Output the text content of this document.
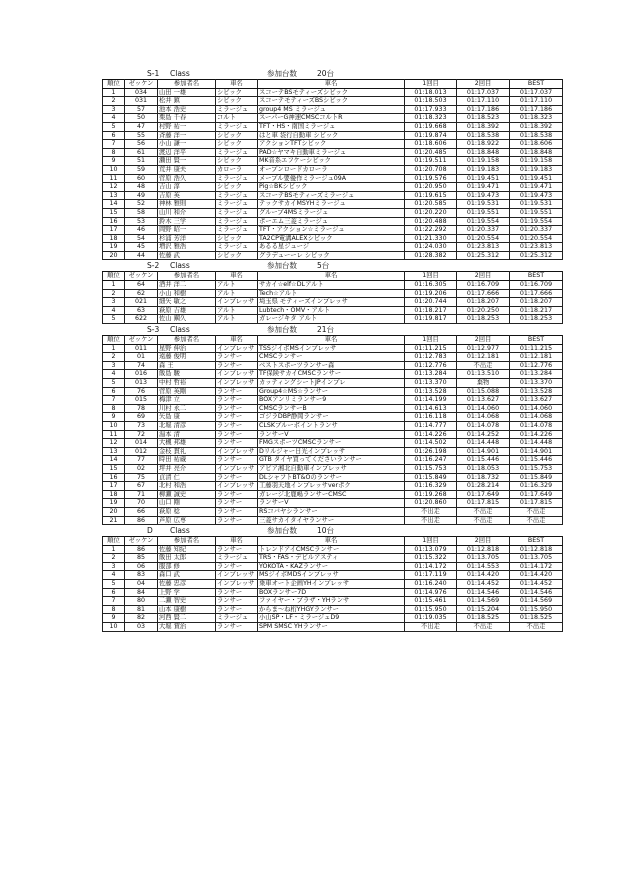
S-1 Class	参加台数	20台
順位	ゼッケン	参加者名	車名	車名	1回目	2回目	BEST
1	034	山田 一雄	シビック	スコーテBSモティーズシビック	01:18.013	01:17.037	01:17.037
2	031	松井 鎮	シビック	スコーテモティーズBSシビック	01:18.503	01:17.110	01:17.110
3	57	池本 浩史	ミラージュ	group4 MS ミラージュ	01:17.933	01:17.186	01:17.186
4	50	栗島 千春	コルト	スーパーG神速CMSCコルトR	01:18.323	01:18.523	01:18.323
5	47	村野 祐一	ミラージュ	TFT・HS・南国ミラージュ	01:19.668	01:18.392	01:18.392
6	55	斉藤 洋一	シビック	はと車 袋行自動車 シビック	01:19.874	01:18.538	01:18.538
7	56	小山 謙一	シビック	アクションTFTシビック	01:18.606	01:18.922	01:18.606
8	61	渡辺 洋平	ミラージュ	PAD☆ヤマキ自動車ミラージュ	01:20.485	01:18.848	01:18.848
9	51	瀬田 賢一	シビック	MK音系エフケーシビック	01:19.511	01:19.158	01:19.158
10	59	荒井 康夫	カローラ	オープンロードカローラ	01:20.708	01:19.183	01:19.183
11	60	菅原 浩久	ミラージュ	メープル要優作ミラージュ09A	01:19.576	01:19.451	01:19.451
12	48	吉山 淳	シビック	Pig☆BKシビック	01:20.950	01:19.471	01:19.471
13	49	吉原 英	ミラージュ	スコーテBSモティーズミラージュ	01:19.615	01:19.473	01:19.473
14	52	神林 雅則	ミラージュ	テックサカイMSYHミラージュ	01:20.585	01:19.531	01:19.531
15	58	山川 和介	ミラージュ	グループ4MSミラージュ	01:20.220	01:19.551	01:19.551
16	53	鈴木 三学	ミラージュ	ポーエム三菱ミラージュ	01:20.488	01:19.554	01:19.554
17	46	岡野 昭一	ミラージュ	TFT・アクション☆ミラージュ	01:22.292	01:20.337	01:20.337
18	54	杉浦 芳洋	シビック	TA2CP電溝ALEXシビック	01:21.330	01:20.554	01:20.554
19	45	増沢 雅浩	ミラージュ	あるる星ジュージ	01:24.030	01:23.813	01:23.813
20	44	佐藤 武	シビック	グラデューーレ シビック	01:28.382	01:25.312	01:25.312
S-2 Class	参加台数	5台
順位	ゼッケン	参加者名	車名	車名	1回目	2回目	BEST
1	64	酒井 洋二	アルト	サカイ☆elf☆DLアルト	01:16.305	01:16.709	01:16.709
2	62	小山 和樹	アルト	Tech☆アルト	01:19.206	01:17.666	01:17.666
3	021	細矢 敏之	インプレッサ	埼玉県 モティーズインプレッサ	01:20.744	01:18.207	01:18.207
4	63	萩原 吉雄	アルト	Lubtech・OMV・アルト	01:18.217	01:20.250	01:18.217
5	622	佐山 鋼久	アルト	ガレージキタ アルト	01:19.817	01:18.253	01:18.253
S-3 Class	参加台数	21台
順位	ゼッケン	参加者名	車名	車名	1回目	2回目	BEST
1	011	星野 伸治	インプレッサ	TSSジイボMSインプレッサ	01:11.215	01:12.977	01:11.215
2	01	遠藤 俊明	ランサー	CMSCランサー	01:12.783	01:12.181	01:12.181
3	74	森 王	ランサー	ベストスポーツランサー森	01:12.776	不出走	01:12.776
4	016	飯島 駿	インプレッサ	TF保険サカイCMSCランサー	01:13.284	01:13.510	01:13.284
5	013	中村 哲裕	インプレッサ	カッティングシートJPインプレ	01:13.370	棄物	01:13.370
6	76	菅原 英剛	ランサー	Group4☆MS☆ランサー	01:13.528	01:15.088	01:13.528
7	015	梅津 立	ランサー	BOXアンリミランサー9	01:14.199	01:13.627	01:13.627
8	78	川村 永二	ランサー	CMSCランサーB	01:14.613	01:14.060	01:14.060
9	69	矢島 康	ランサー	ゴジラDBP静岡ランサー	01:16.118	01:14.068	01:14.068
10	73	北堀 清彦	ランサー	CLSKブルーポイントランサ	01:14.777	01:14.078	01:14.078
11	72	湯本 清	ランサー	ランサーV	01:14.226	01:14.252	01:14.226
12	014	大槻 邦雄	ランサー	FMGスポーツCMSCランサー	01:14.502	01:14.448	01:14.448
13	012	金枝 貫礼	インプレッサ	Dリルジャー日光インプレッサ	01:26.198	01:14.901	01:14.901
14	77	時田 祐蔵	ランサー	GTB タイヤ買ってくださいランサー	01:16.247	01:15.446	01:15.446
15	02	坪井 亮介	インプレッサ	アピア湘北自動車インプレッサ	01:15.753	01:18.053	01:15.753
16	75	貞清 仁	ランサー	DLシャフトBT&Oのランサー	01:15.849	01:18.732	01:15.849
17	67	北村 和浩	インプレッサ	工藤羽天地インプレッサverポク	01:16.329	01:28.214	01:16.329
18	71	柳瀬 誠史	ランサー	ガレージ北鹿嶋ランサーCMSC	01:19.268	01:17.649	01:17.649
19	70	山口 剛	ランサー	ランサーV	01:20.860	01:17.815	01:17.815
20	66	萩原 稔	ランサー	RSコバヤシランサー	不出走	不出走	不出走
21	86	芦原 広専	ランサー	三菱サカイタイヤランサー	不出走	不出走	不出走
D Class	参加台数	10台
順位	ゼッケン	参加者名	車名	車名	1回目	2回目	BEST
1	86	佐藤 知紀	ランサー	トレンドアイCMSCランサー	01:13.079	01:12.818	01:12.818
2	85	飯田 太郎	ミラージュ	TRS・FAS・デビルアスティ	01:15.322	01:13.705	01:13.705
3	06	服部 修	ランサー	YOKOTA・KAZランサー	01:14.172	01:14.553	01:14.172
4	83	森口 武	インプレッサ	MSジイボMDSインプレッサ	01:17.119	01:14.420	01:14.420
5	04	佐藤 忠彦	インプレッサ	乗車オート企画YHインプレッサ	01:16.240	01:14.452	01:14.452
6	84	上野 学	ランサー	BOXランサー7D	01:14.976	01:14.546	01:14.546
7	80	二瀬 智史	ランサー	ファイヤー・プラザ・YHランサ	01:15.461	01:14.569	01:14.569
8	81	山本 康樹	ランサー	からま〜ね桁YHGYランサー	01:15.950	01:15.204	01:15.950
9	82	河西 賢二	ミラージュ	小山SP・LF・ミラージュD9	01:19.035	01:18.525	01:18.525
10	03	大堀 賀治	ランサー	SPM SMSC YHランサー	不出走	不出走	不出走
